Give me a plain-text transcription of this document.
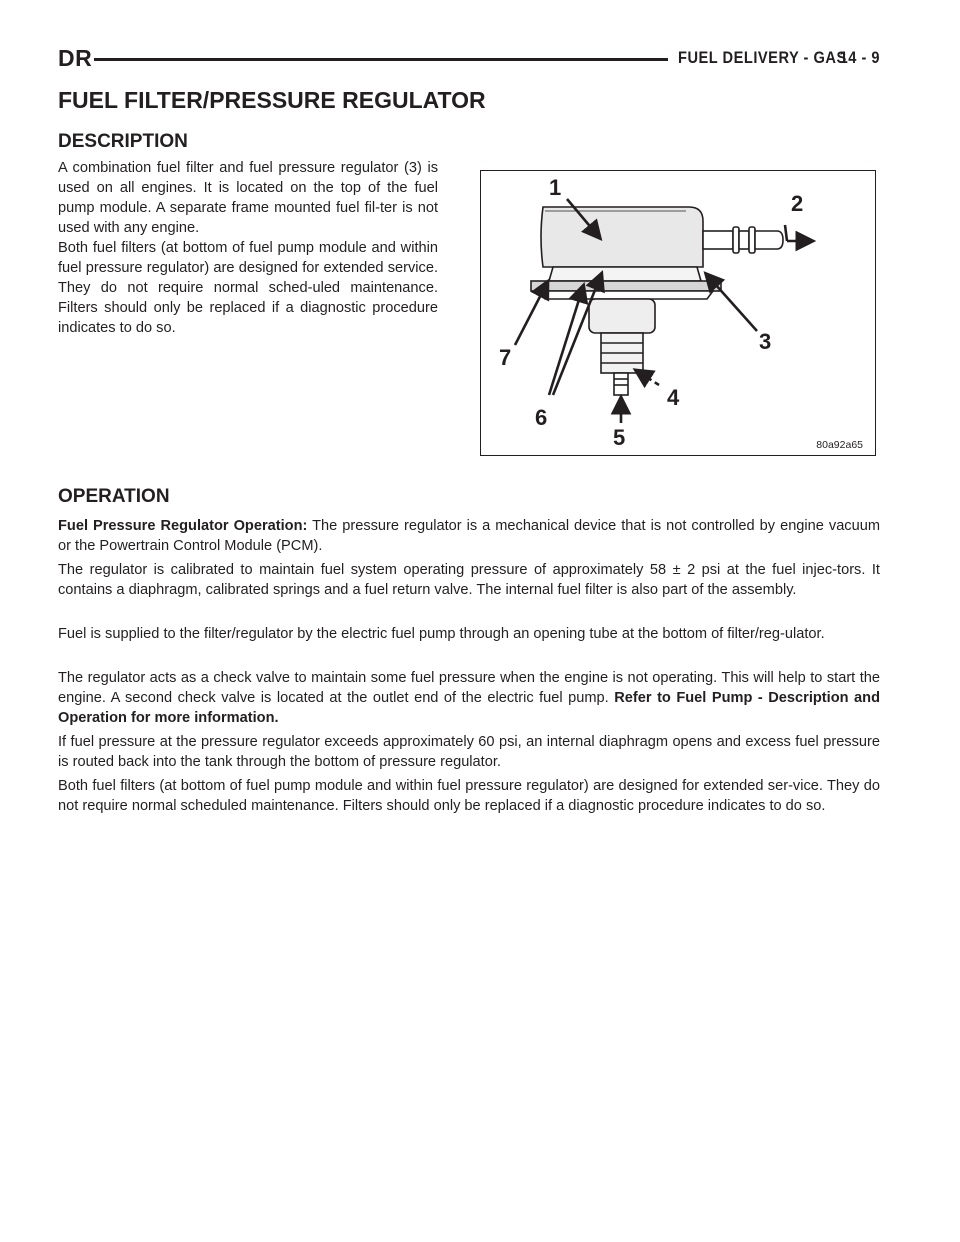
DR	FUEL DELIVERY - GAS
14 - 9
FUEL FILTER/PRESSURE REGULATOR
DESCRIPTION

A combination fuel filter and fuel pressure regulator (3) is used on all engines. It is located on the top of the fuel pump module. A separate frame mounted fuel fil-ter is not used with any engine.

Both fuel filters (at bottom of fuel pump module and within fuel pressure regulator) are designed for extended service. They do not require normal sched-uled maintenance. Filters should only be replaced if a diagnostic procedure indicates to do so.

1
2
3
4
5
6
7
80a92a65
OPERATION

Fuel Pressure Regulator Operation: The pressure regulator is a mechanical device that is not controlled by engine vacuum or the Powertrain Control Module (PCM).

The regulator is calibrated to maintain fuel system operating pressure of approximately 58 ± 2 psi at the fuel injec-tors. It contains a diaphragm, calibrated springs and a fuel return valve. The internal fuel filter is also part of the assembly.

Fuel is supplied to the filter/regulator by the electric fuel pump through an opening tube at the bottom of filter/reg-ulator.

The regulator acts as a check valve to maintain some fuel pressure when the engine is not operating. This will help to start the engine. A second check valve is located at the outlet end of the electric fuel pump. Refer to Fuel Pump - Description and Operation for more information.

If fuel pressure at the pressure regulator exceeds approximately 60 psi, an internal diaphragm opens and excess fuel pressure is routed back into the tank through the bottom of pressure regulator.

Both fuel filters (at bottom of fuel pump module and within fuel pressure regulator) are designed for extended ser-vice. They do not require normal scheduled maintenance. Filters should only be replaced if a diagnostic procedure indicates to do so.
